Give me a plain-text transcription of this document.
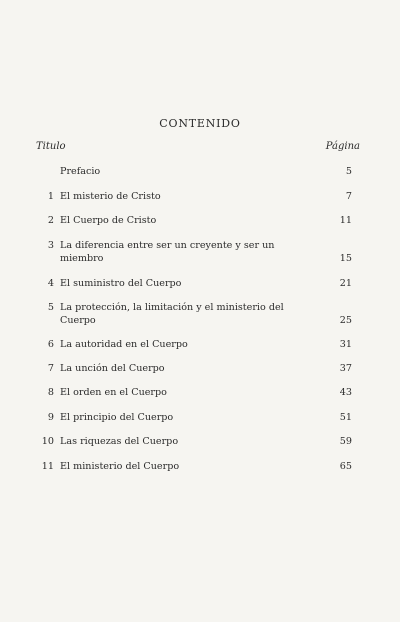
CONTENIDO
Titulo	Página
Prefacio	5
1 El misterio de Cristo	7
2 El Cuerpo de Cristo	11
3 La diferencia entre ser un creyente y ser un
miembro	15
4 El suministro del Cuerpo	21
5 La protección, la limitación y el ministerio del
Cuerpo	25
6 La autoridad en el Cuerpo	31
7 La unción del Cuerpo	37
8 El orden en el Cuerpo	43
9 El principio del Cuerpo	51
10 Las riquezas del Cuerpo	59
11 El ministerio del Cuerpo	65
